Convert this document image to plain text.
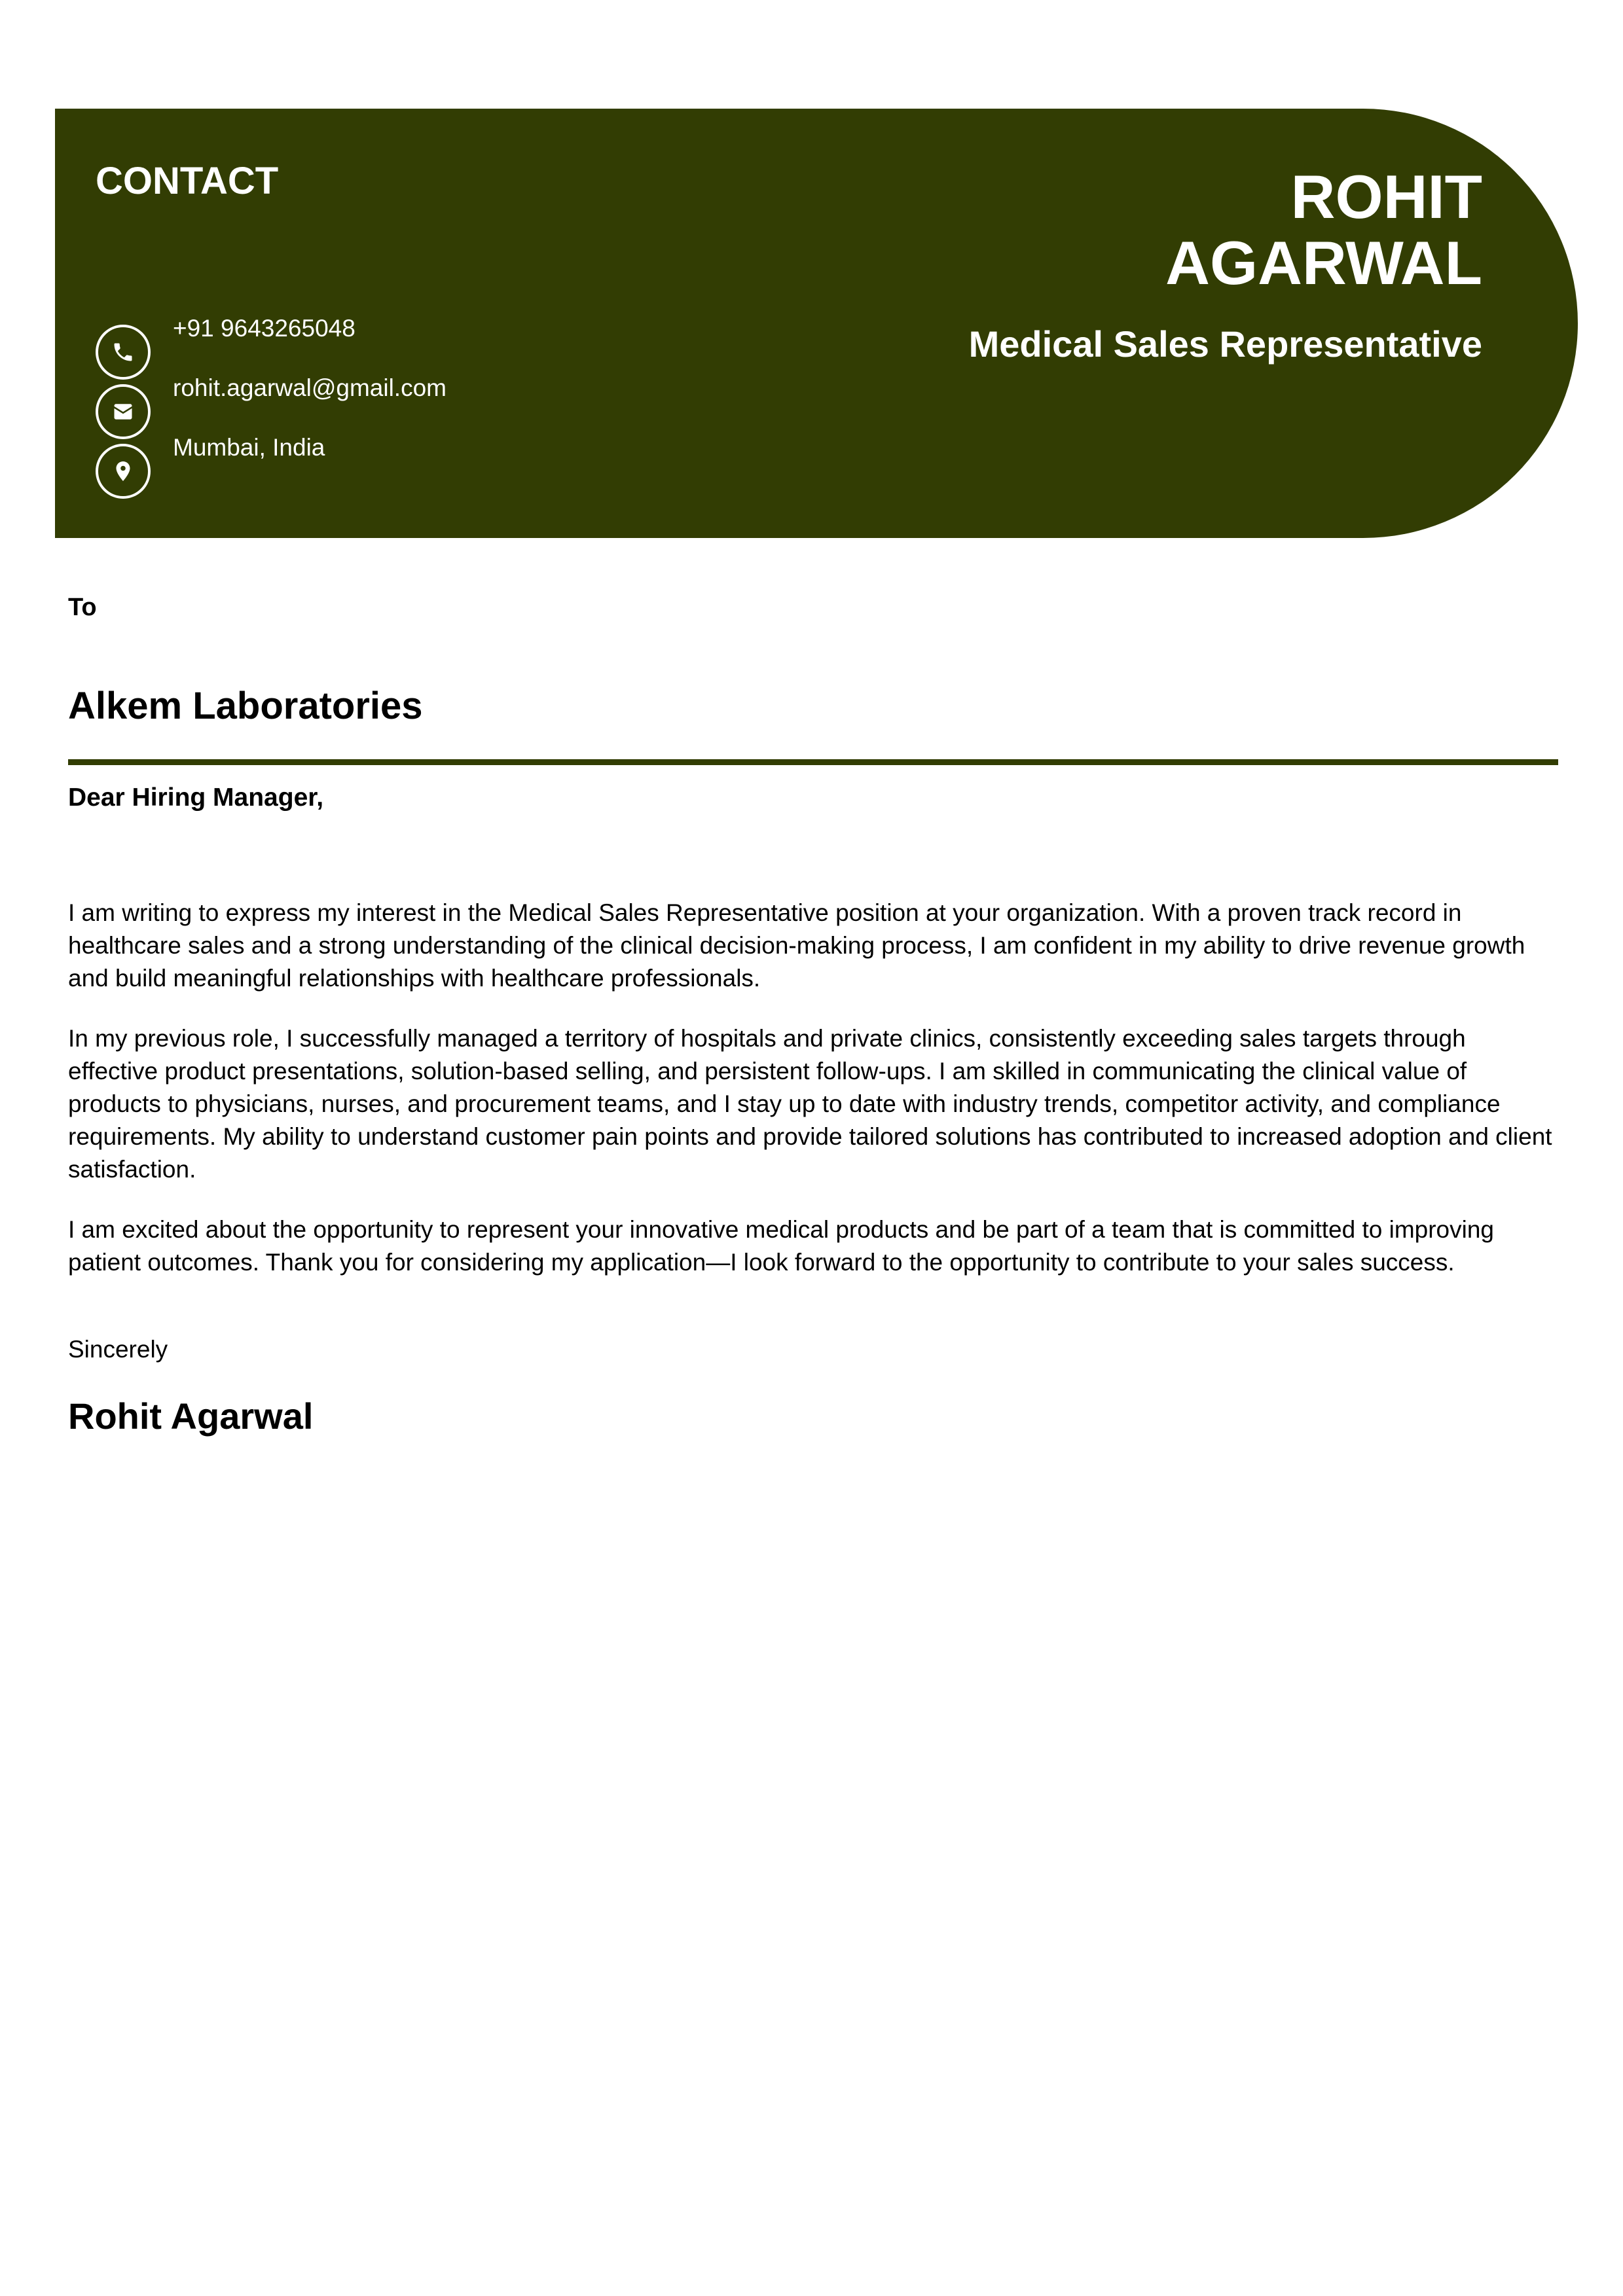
CONTACT
+91 9643265048
rohit.agarwal@gmail.com
Mumbai, India
ROHIT
AGARWAL
Medical Sales Representative
To
Alkem Laboratories
Dear Hiring Manager,

I am writing to express my interest in the Medical Sales Representative position at your organization. With a proven track record in healthcare sales and a strong understanding of the clinical decision-making process, I am confident in my ability to drive revenue growth and build meaningful relationships with healthcare professionals.

In my previous role, I successfully managed a territory of hospitals and private clinics, consistently exceeding sales targets through effective product presentations, solution-based selling, and persistent follow-ups. I am skilled in communicating the clinical value of products to physicians, nurses, and procurement teams, and I stay up to date with industry trends, competitor activity, and compliance requirements. My ability to understand customer pain points and provide tailored solutions has contributed to increased adoption and client satisfaction.

I am excited about the opportunity to represent your innovative medical products and be part of a team that is committed to improving patient outcomes. Thank you for considering my application—I look forward to the opportunity to contribute to your sales success.

Sincerely
Rohit Agarwal
